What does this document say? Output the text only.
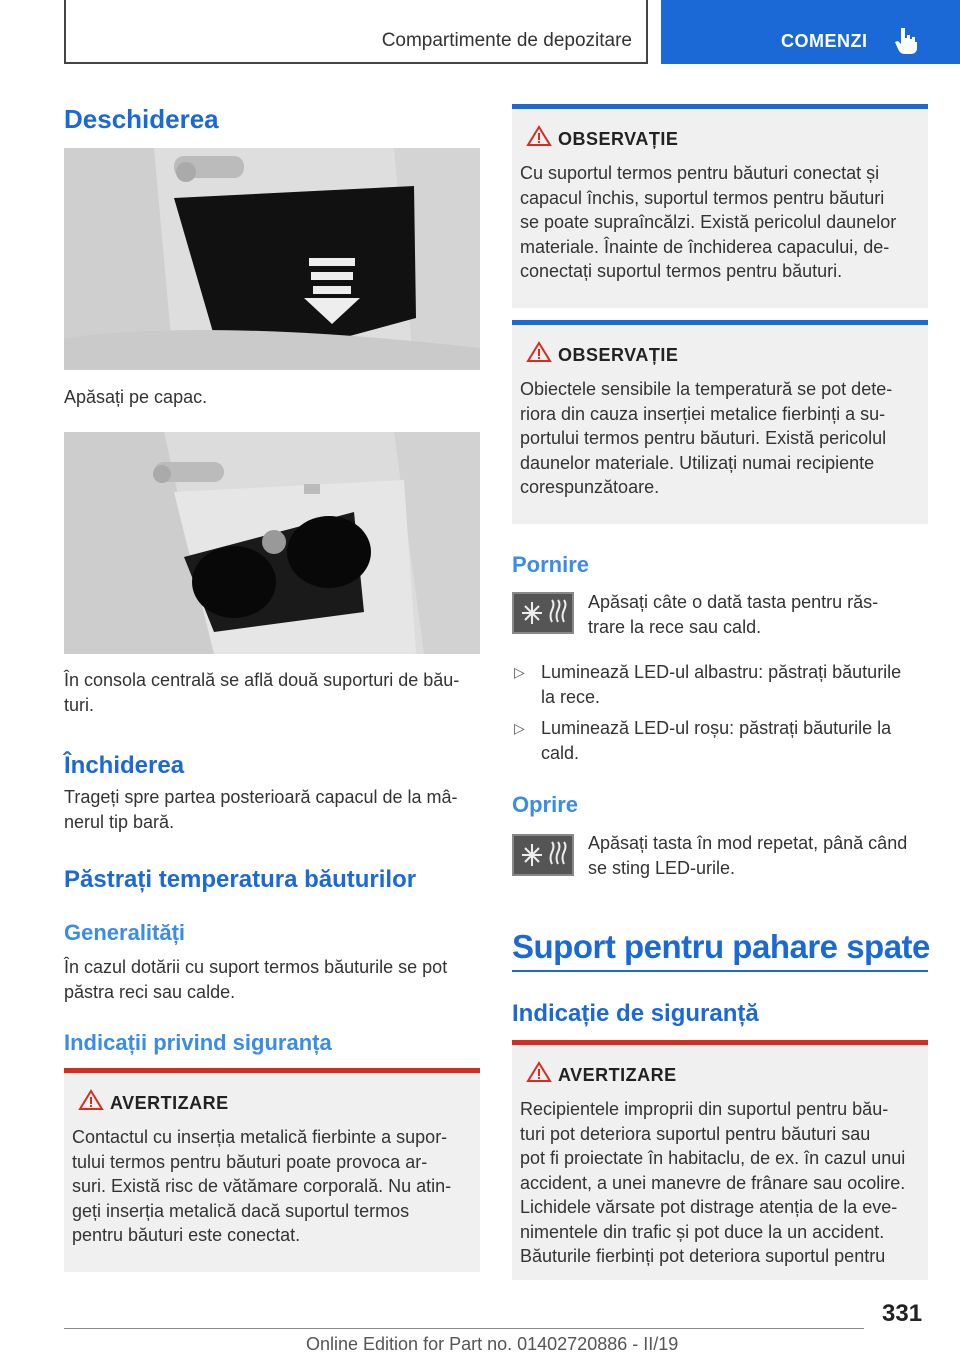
Compartimente de depozitare	COMENZI
Deschiderea
Apăsați pe capac.
În consola centrală se află două suporturi de bău-
turi.
Închiderea
Trageți spre partea posterioară capacul de la mâ-
nerul tip bară.
Păstrați temperatura băuturilor
Generalități
În cazul dotării cu suport termos băuturile se pot
păstra reci sau calde.
Indicații privind siguranța
AVERTIZARE
Contactul cu inserția metalică fierbinte a supor-
tului termos pentru băuturi poate provoca ar-
suri. Există risc de vătămare corporală. Nu atin-
geți inserția metalică dacă suportul termos
pentru băuturi este conectat.
OBSERVAȚIE
Cu suportul termos pentru băuturi conectat și
capacul închis, suportul termos pentru băuturi
se poate supraîncălzi. Există pericolul daunelor
materiale. Înainte de închiderea capacului, de-
conectați suportul termos pentru băuturi.
OBSERVAȚIE
Obiectele sensibile la temperatură se pot dete-
riora din cauza inserției metalice fierbinți a su-
portului termos pentru băuturi. Există pericolul
daunelor materiale. Utilizați numai recipiente
corespunzătoare.
Pornire
Apăsați câte o dată tasta pentru răs-
trare la rece sau cald.
▷ Luminează LED-ul albastru: păstrați băuturile
la rece.
▷ Luminează LED-ul roșu: păstrați băuturile la
cald.
Oprire
Apăsați tasta în mod repetat, până când
se sting LED-urile.
Suport pentru pahare spate
Indicație de siguranță
AVERTIZARE
Recipientele improprii din suportul pentru bău-
turi pot deteriora suportul pentru băuturi sau
pot fi proiectate în habitaclu, de ex. în cazul unui
accident, a unei manevre de frânare sau ocolire.
Lichidele vărsate pot distrage atenția de la eve-
nimentele din trafic și pot duce la un accident.
Băuturile fierbinți pot deteriora suportul pentru
331
Online Edition for Part no. 01402720886 - II/19
